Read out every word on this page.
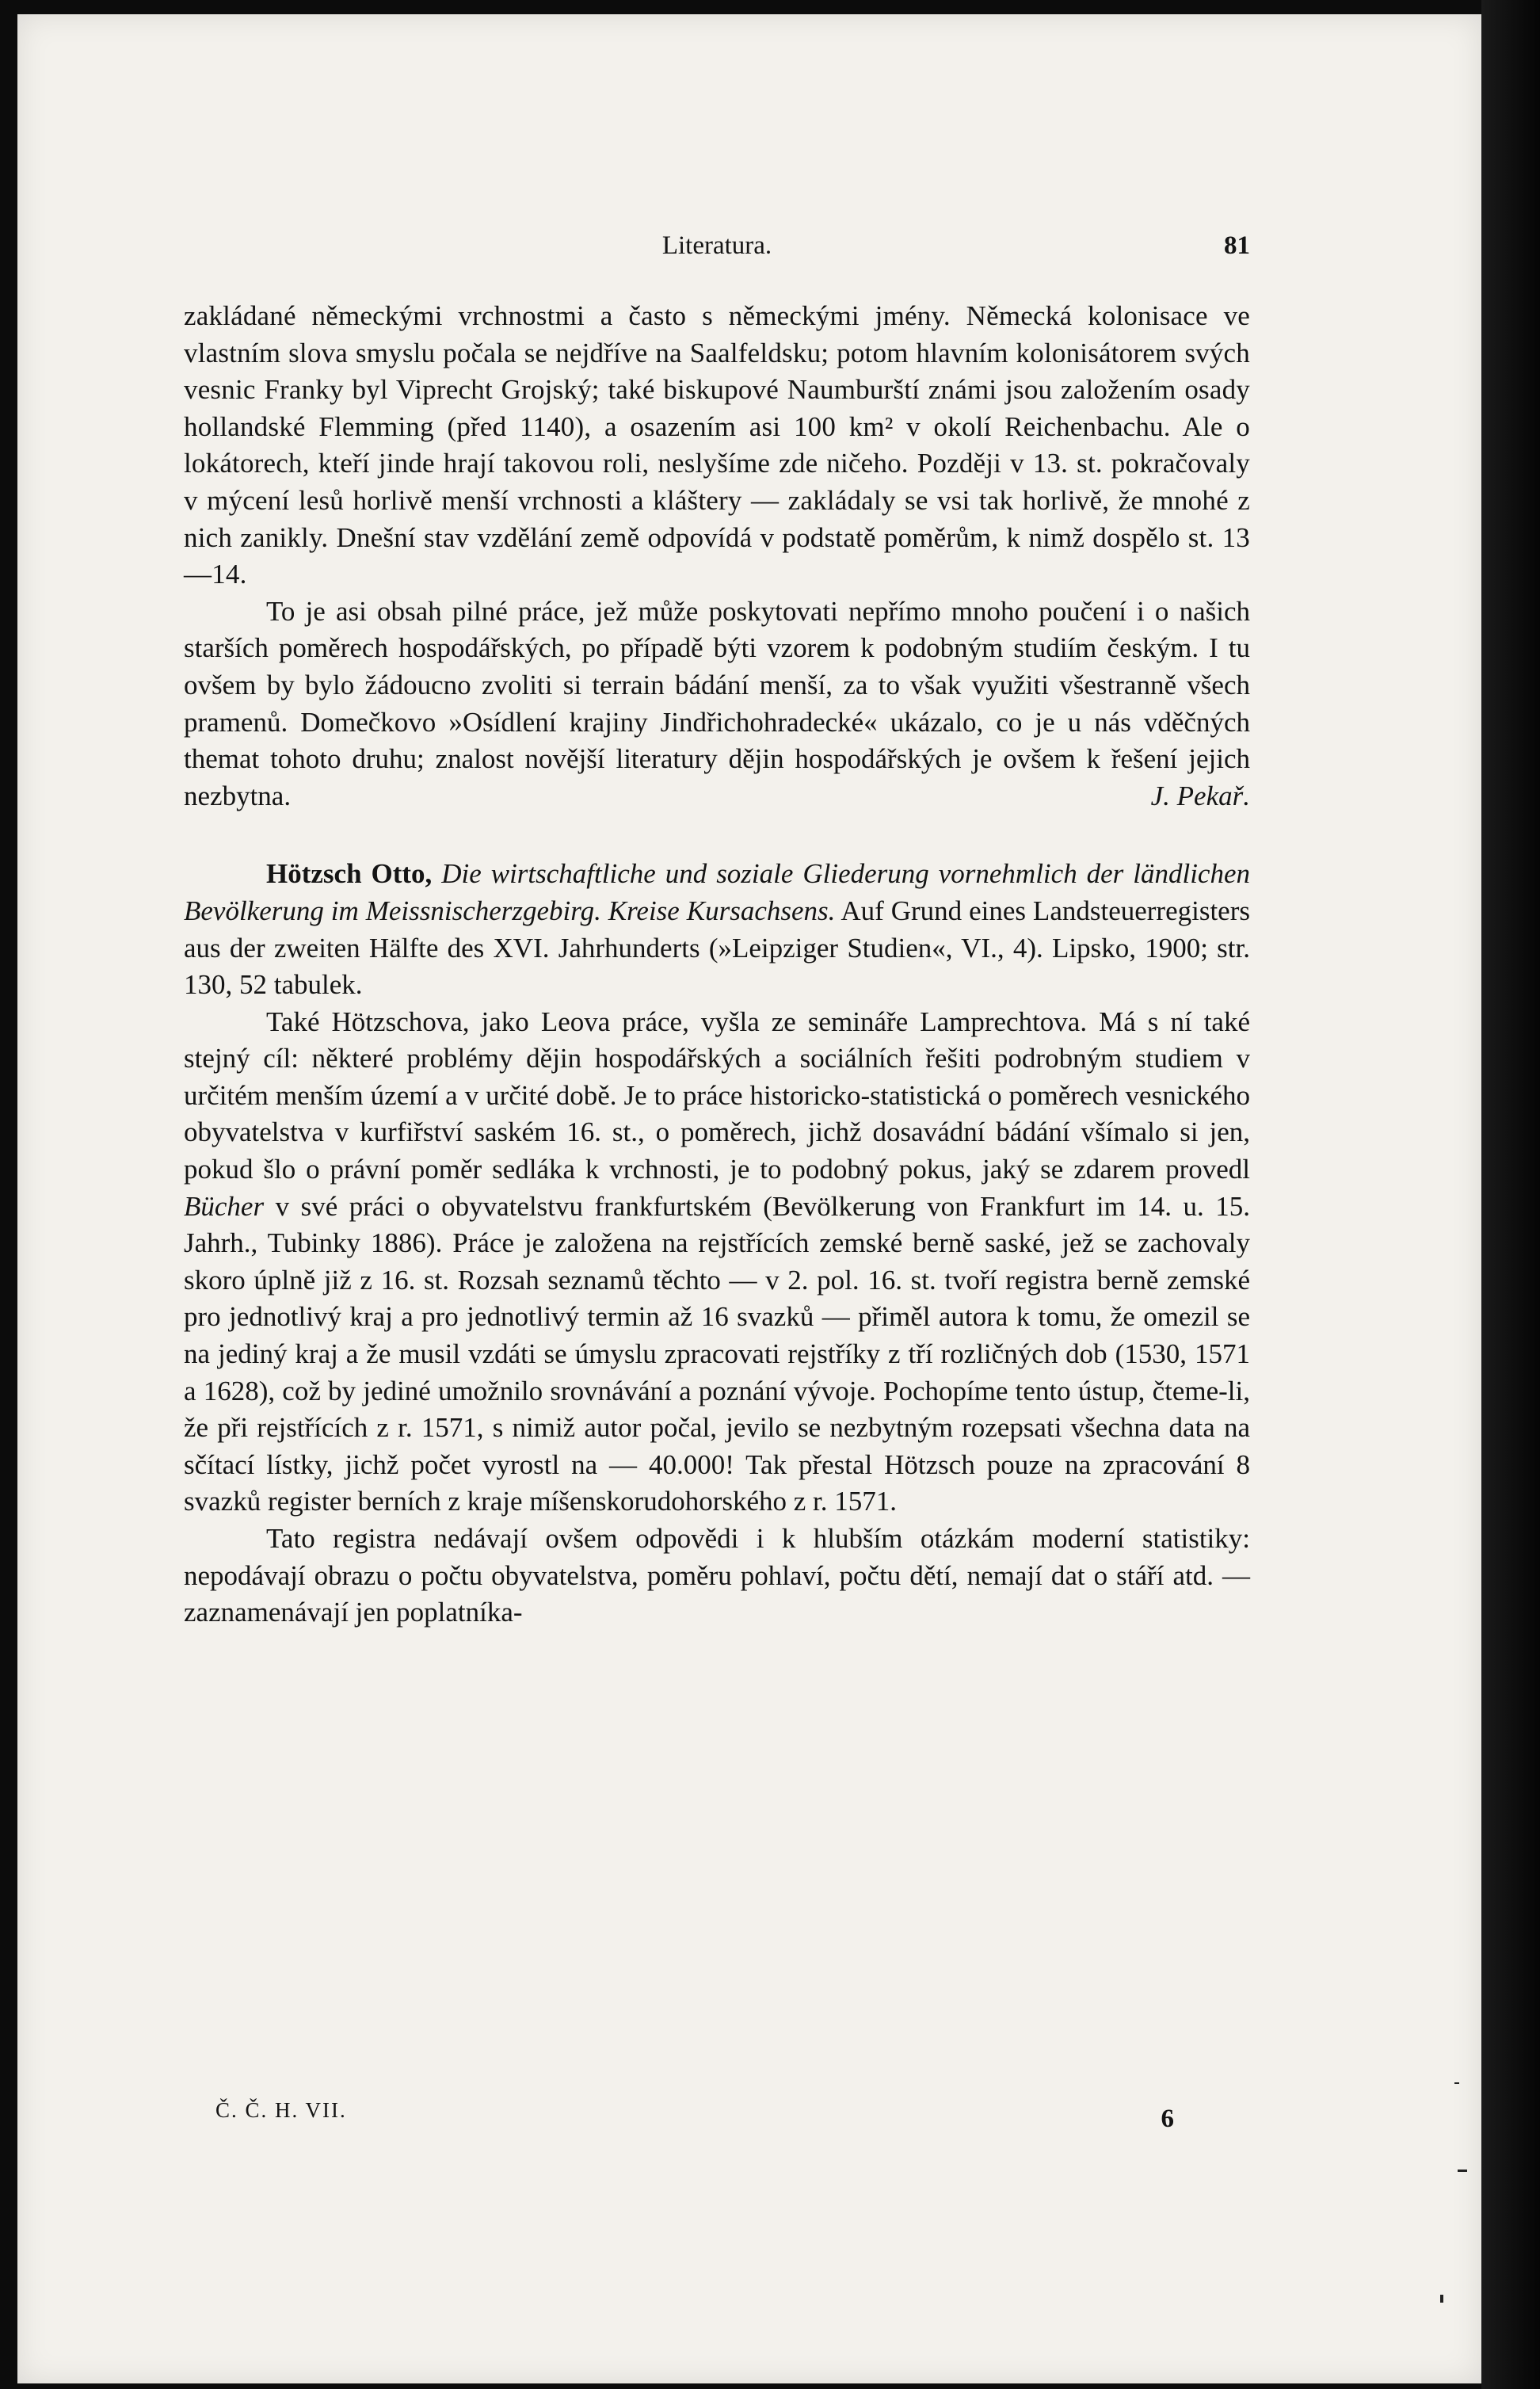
Literatura.	81

zakládané německými vrchnostmi a často s německými jmény. Německá kolonisace ve vlastním slova smyslu počala se nejdříve na Saalfeldsku; potom hlavním kolonisátorem svých vesnic Franky byl Viprecht Grojský; také biskupové Naumburští známi jsou založením osady hollandské Flemming (před 1140), a osazením asi 100 km² v okolí Reichenbachu. Ale o lokátorech, kteří jinde hrají takovou roli, neslyšíme zde ničeho. Později v 13. st. pokračovaly v mýcení lesů horlivě menší vrchnosti a kláštery — zakládaly se vsi tak horlivě, že mnohé z nich zanikly. Dnešní stav vzdělání země odpovídá v podstatě poměrům, k nimž dospělo st. 13—14.

To je asi obsah pilné práce, jež může poskytovati nepřímo mnoho poučení i o našich starších poměrech hospodářských, po případě býti vzorem k podobným studiím českým. I tu ovšem by bylo žádoucno zvoliti si terrain bádání menší, za to však využiti všestranně všech pramenů. Domečkovo »Osídlení krajiny Jindřichohradecké« ukázalo, co je u nás vděčných themat tohoto druhu; znalost novější literatury dějin hospodářských je ovšem k řešení jejich nezbytna.	J. Pekař.

Hötzsch Otto, Die wirtschaftliche und soziale Gliederung vornehmlich der ländlichen Bevölkerung im Meissnischerzgebirg. Kreise Kursachsens. Auf Grund eines Landsteuerregisters aus der zweiten Hälfte des XVI. Jahrhunderts (»Leipziger Studien«, VI., 4). Lipsko, 1900; str. 130, 52 tabulek.

Také Hötzschova, jako Leova práce, vyšla ze semináře Lamprechtova. Má s ní také stejný cíl: některé problémy dějin hospodářských a sociálních řešiti podrobným studiem v určitém menším území a v určité době. Je to práce historicko-statistická o poměrech vesnického obyvatelstva v kurfiřství saském 16. st., o poměrech, jichž dosavádní bádání všímalo si jen, pokud šlo o právní poměr sedláka k vrchnosti, je to podobný pokus, jaký se zdarem provedl Bücher v své práci o obyvatelstvu frankfurtském (Bevölkerung von Frankfurt im 14. u. 15. Jahrh., Tubinky 1886). Práce je založena na rejstřících zemské berně saské, jež se zachovaly skoro úplně již z 16. st. Rozsah seznamů těchto — v 2. pol. 16. st. tvoří registra berně zemské pro jednotlivý kraj a pro jednotlivý termin až 16 svazků — přiměl autora k tomu, že omezil se na jediný kraj a že musil vzdáti se úmyslu zpracovati rejstříky z tří rozličných dob (1530, 1571 a 1628), což by jediné umožnilo srovnávání a poznání vývoje. Pochopíme tento ústup, čteme-li, že při rejstřících z r. 1571, s nimiž autor počal, jevilo se nezbytným rozepsati všechna data na sčítací lístky, jichž počet vyrostl na — 40.000! Tak přestal Hötzsch pouze na zpracování 8 svazků register berních z kraje míšenskorudohorského z r. 1571.

Tato registra nedávají ovšem odpovědi i k hlubším otázkám moderní statistiky: nepodávají obrazu o počtu obyvatelstva, poměru pohlaví, počtu dětí, nemají dat o stáří atd. — zaznamenávají jen poplatníka-

Č. Č. H. VII.	6
